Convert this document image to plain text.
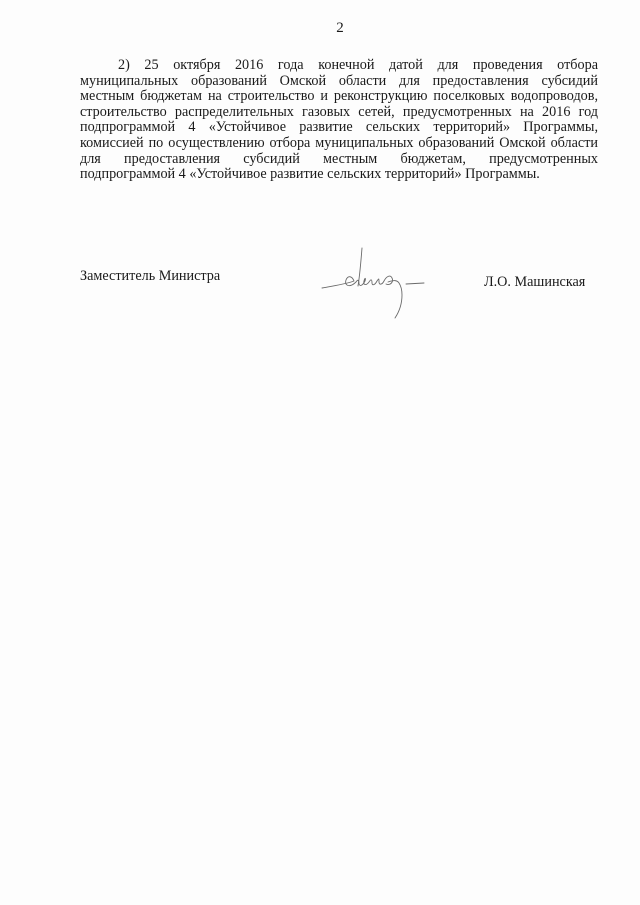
2

2) 25 октября 2016 года конечной датой для проведения отбора муниципальных образований Омской области для предоставления субсидий местным бюджетам на строительство и реконструкцию поселковых водопроводов, строительство распределительных газовых сетей, предусмотренных на 2016 год подпрограммой 4 «Устойчивое развитие сельских территорий» Программы, комиссией по осуществлению отбора муниципальных образований Омской области для предоставления субсидий местным бюджетам, предусмотренных подпрограммой 4 «Устойчивое развитие сельских территорий» Программы.

Заместитель Министра	Л.О. Машинская
